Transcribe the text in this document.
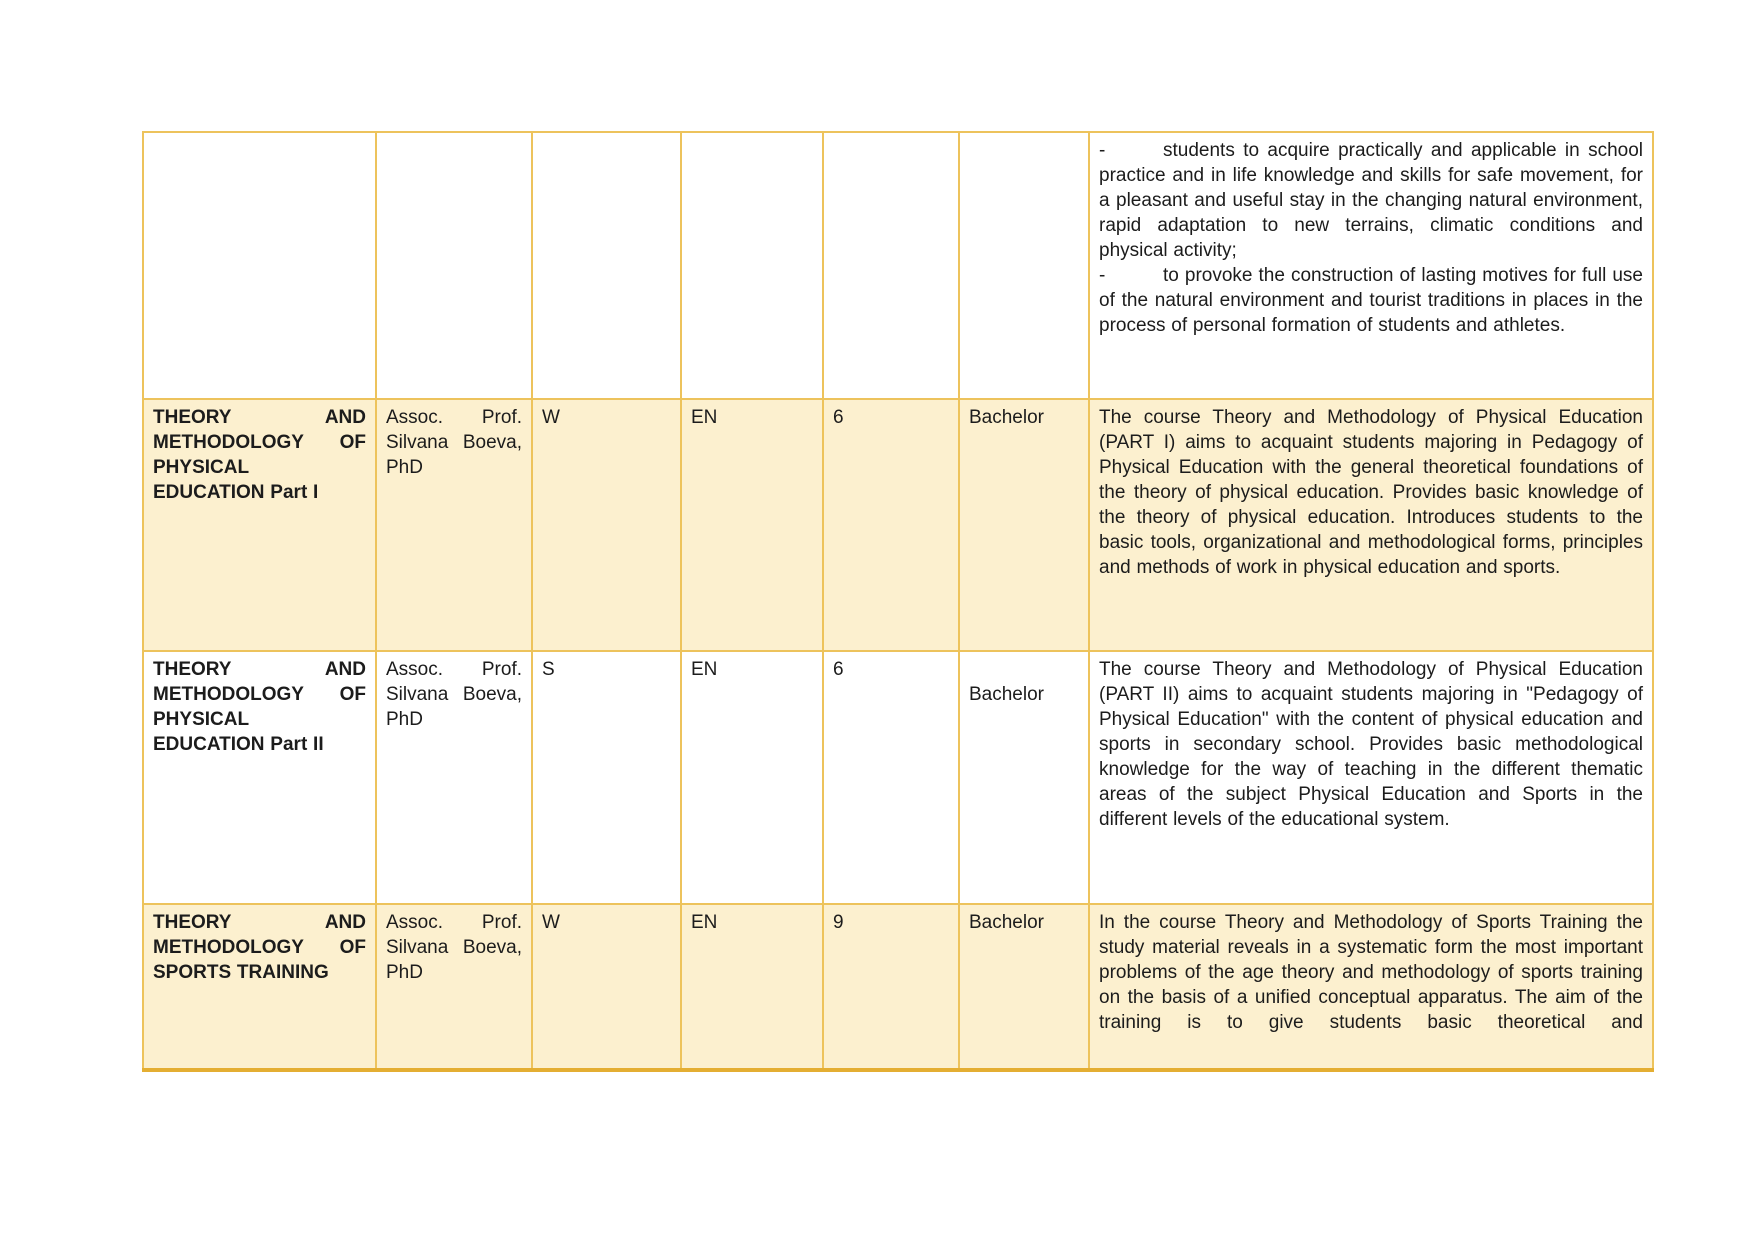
						- students to acquire practically and applicable in school practice and in life knowledge and skills for safe movement, for a pleasant and useful stay in the changing natural environment, rapid adaptation to new terrains, climatic conditions and physical activity;

- to provoke the construction of lasting motives for full use of the natural environment and tourist traditions in places in the process of personal formation of students and athletes.

THEORY AND METHODOLOGY OF PHYSICAL EDUCATION Part I	Assoc. Prof. Silvana Boeva, PhD	W	EN	6	Bachelor	The course Theory and Methodology of Physical Education (PART I) aims to acquaint students majoring in Pedagogy of Physical Education with the general theoretical foundations of the theory of physical education. Provides basic knowledge of the theory of physical education. Introduces students to the basic tools, organizational and methodological forms, principles and methods of work in physical education and sports.
THEORY AND METHODOLOGY OF PHYSICAL EDUCATION Part II	Assoc. Prof. Silvana Boeva, PhD	S	EN	6	Bachelor	The course Theory and Methodology of Physical Education (PART II) aims to acquaint students majoring in "Pedagogy of Physical Education" with the content of physical education and sports in secondary school. Provides basic methodological knowledge for the way of teaching in the different thematic areas of the subject Physical Education and Sports in the different levels of the educational system.
THEORY AND METHODOLOGY OF SPORTS TRAINING	Assoc. Prof. Silvana Boeva, PhD	W	EN	9	Bachelor	In the course Theory and Methodology of Sports Training the study material reveals in a systematic form the most important problems of the age theory and methodology of sports training on the basis of a unified conceptual apparatus. The aim of the training is to give students basic theoretical and
